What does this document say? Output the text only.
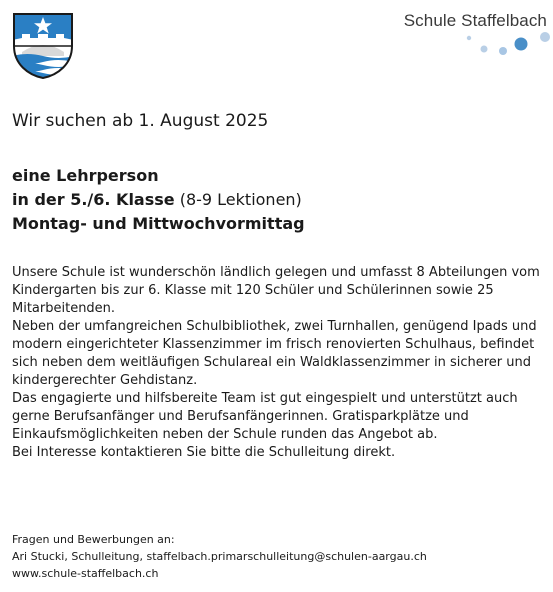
Schule Staffelbach
Wir suchen ab 1. August 2025
eine Lehrperson
in der 5./6. Klasse (8-9 Lektionen)
Montag- und Mittwochvormittag

Unsere Schule ist wunderschön ländlich gelegen und umfasst 8 Abteilungen vom Kindergarten bis zur 6. Klasse mit 120 Schüler und Schülerinnen sowie 25 Mitarbeitenden.

Neben der umfangreichen Schulbibliothek, zwei Turnhallen, genügend Ipads und modern eingerichteter Klassenzimmer im frisch renovierten Schulhaus, befindet sich neben dem weitläufigen Schulareal ein Waldklassenzimmer in sicherer und kindergerechter Gehdistanz.

Das engagierte und hilfsbereite Team ist gut eingespielt und unterstützt auch gerne Berufsanfänger und Berufsanfängerinnen. Gratisparkplätze und Einkaufsmöglichkeiten neben der Schule runden das Angebot ab.

Bei Interesse kontaktieren Sie bitte die Schulleitung direkt.

Fragen und Bewerbungen an:

Ari Stucki, Schulleitung, staffelbach.primarschulleitung@schulen-aargau.ch

www.schule-staffelbach.ch
